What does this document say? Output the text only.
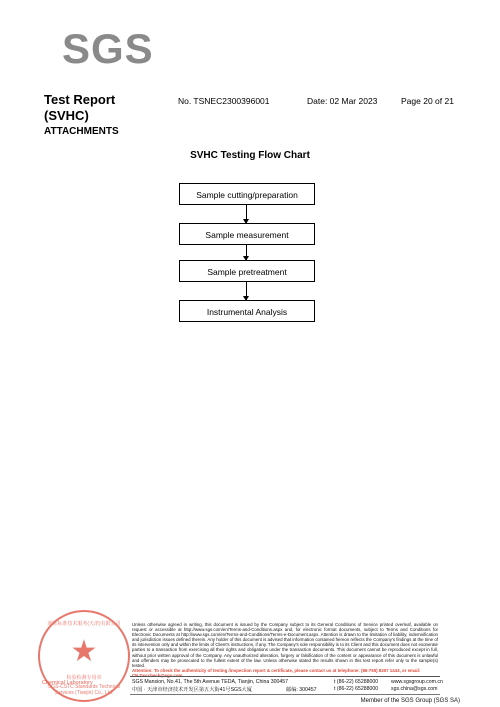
SGS
Test Report
(SVHC)
ATTACHMENTS
No. TSNEC2300396001	Date: 02 Mar 2023	Page 20 of 21
SVHC Testing Flow Chart
Sample cutting/preparation
Sample measurement
Sample pretreatment
Instrumental Analysis
通标标准技术服务(天津)有限公司
★
检验检测专用章
SGS-CSTC Standards Technical Services (Tianjin) Co., Ltd.
Chemical Laboratory
Unless otherwise agreed in writing, this document is issued by the Company subject to its General Conditions of Service printed overleaf, available on request or accessible at http://www.sgs.com/en/Terms-and-Conditions.aspx and, for electronic format documents, subject to Terms and Conditions for Electronic Documents at http://www.sgs.com/en/Terms-and-Conditions/Terms-e-Document.aspx. Attention is drawn to the limitation of liability, indemnification and jurisdiction issues defined therein. Any holder of this document is advised that information contained hereon reflects the Company's findings at the time of its intervention only and within the limits of Client's instructions, if any. The Company's sole responsibility is to its Client and this document does not exonerate parties to a transaction from exercising all their rights and obligations under the transaction documents. This document cannot be reproduced except in full, without prior written approval of the Company. Any unauthorized alteration, forgery or falsification of the content or appearance of this document is unlawful and offenders may be prosecuted to the fullest extent of the law. Unless otherwise stated the results shown in this test report refer only to the sample(s) tested.
Attention: To check the authenticity of testing /inspection report & certificate, please contact us at telephone: (86-755) 8307 1443, or email:
SGS Mansion, No.41, The 5th Avenue TEDA, Tianjin, China 300457	t (86-22) 65288000 www.sgsgroup.com.cn
中国 · 天津市经济技术开发区第五大街41号SGS大厦	邮编: 300457	t (86-22) 65288000 sgs.china@sgs.com
Member of the SGS Group (SGS SA)
